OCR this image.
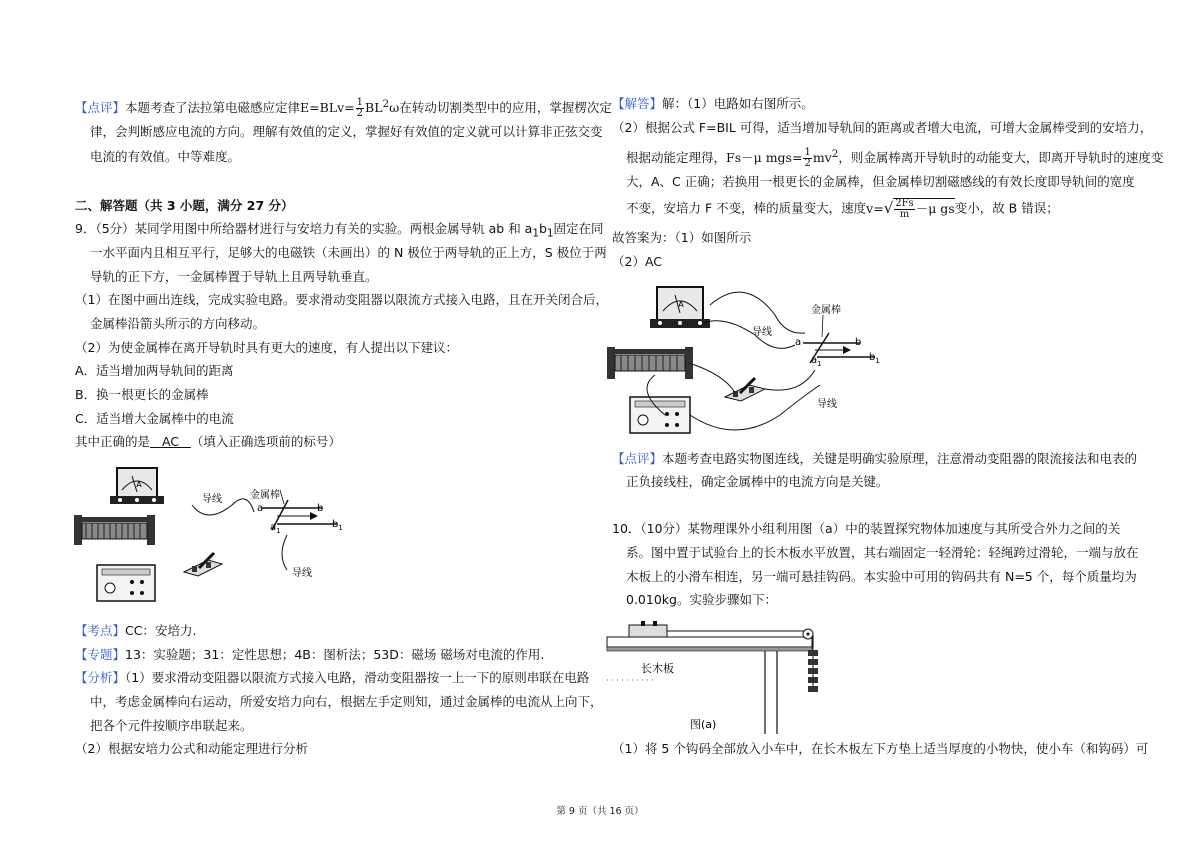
【点评】本题考查了法拉第电磁感应定律$E=BLv= \frac{1}{2} BL^2\omega$在转动切割类型中的应用，掌握楞次定
律，会判断感应电流的方向。理解有效值的定义，掌握好有效值的定义就可以计算非正弦交变
电流的有效值。中等难度。
二、解答题（共 3 小题，满分 27 分）
9．（5分）某同学用图中所给器材进行与安培力有关的实验。两根金属导轨 ab 和 $a_1b_1$固定在同
一水平面内且相互平行，足够大的电磁铁（未画出）的 N 极位于两导轨的正上方，S 极位于两
导轨的正下方，一金属棒置于导轨上且两导轨垂直。
（1）在图中画出连线，完成实验电路。要求滑动变阻器以限流方式接入电路，且在开关闭合后，
金属棒沿箭头所示的方向移动。
（2）为使金属棒在离开导轨时具有更大的速度，有人提出以下建议：
A．适当增加两导轨间的距离
B．换一根更长的金属棒
C．适当增大金属棒中的电流
其中正确的是 AC （填入正确选项前的标号）
A
金属棒
导线
导线
a	b
$a_1$
$b_1$
【考点】CC：安培力.
【专题】13：实验题；31：定性思想；4B：图析法；53D：磁场 磁场对电流的作用.
【分析】（1）要求滑动变阻器以限流方式接入电路，滑动变阻器按一上一下的原则串联在电路
中，考虑金属棒向右运动，所爱安培力向右，根据左手定则知，通过金属棒的电流从上向下，
把各个元件按顺序串联起来。
（2）根据安培力公式和动能定理进行分析
【解答】解：（1）电路如右图所示。
（2）根据公式 F=BIL 可得，适当增加导轨间的距离或者增大电流，可增大金属棒受到的安培力，
根据动能定理得，Fs－μ $mgs= \frac{1}{2} mv^2$，则金属棒离开导轨时的动能变大，即离开导轨时的速度变
大，A、C 正确；若换用一根更长的金属棒，但金属棒切割磁感线的有效长度即导轨间的宽度
不变，安培力 F 不变，棒的质量变大，速度$v=√ \frac{2Fs}{m} -\mu$ gs变小，故 B 错误；
故答案为：（1）如图所示
（2）AC
A
金属棒
导线
导线
a	b
$a_1$
$b_1$
【点评】本题考查电路实物图连线，关键是明确实验原理，注意滑动变阻器的限流接法和电表的
正负接线柱，确定金属棒中的电流方向是关键。
10．（10分）某物理课外小组利用图（a）中的装置探究物体加速度与其所受合外力之间的关
系。图中置于试验台上的长木板水平放置，其右端固定一轻滑轮：轻绳跨过滑轮，一端与放在
木板上的小滑车相连，另一端可悬挂钩码。本实验中可用的钩码共有 N=5 个，每个质量均为
0.010kg。实验步骤如下：
长木板
图(a)
（1）将 5 个钩码全部放入小车中，在长木板左下方垫上适当厚度的小物快，使小车（和钩码）可
第 9 页（共 16 页）
